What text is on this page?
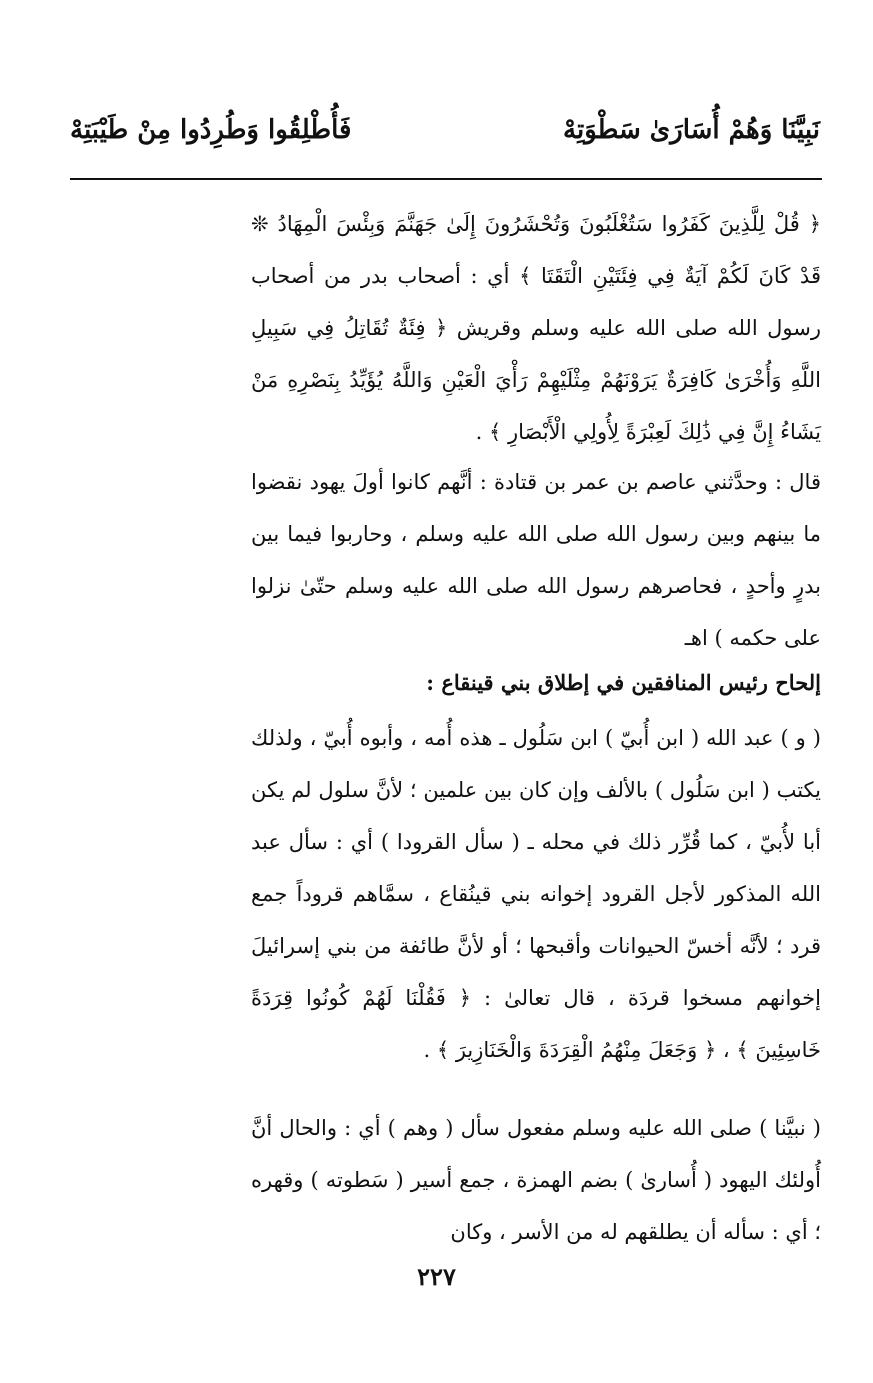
نَبِيَّنَا وَهُمْ أُسَارَىٰ سَطْوَتِهْ
فَأُطْلِقُوا وَطُرِدُوا مِنْ طَيْبَتِهْ
﴿ قُلْ لِلَّذِينَ كَفَرُوا سَتُغْلَبُونَ وَتُحْشَرُونَ إِلَىٰ جَهَنَّمَ وَبِئْسَ الْمِهَادُ ❊ قَدْ كَانَ لَكُمْ آيَةٌ فِي فِئَتَيْنِ الْتَقَتَا ﴾ أي : أصحاب بدر من أصحاب رسول الله صلى الله عليه وسلم وقريش ﴿ فِئَةٌ تُقَاتِلُ فِي سَبِيلِ اللَّهِ وَأُخْرَىٰ كَافِرَةٌ يَرَوْنَهُمْ مِثْلَيْهِمْ رَأْيَ الْعَيْنِ وَاللَّهُ يُؤَيِّدُ بِنَصْرِهِ مَنْ يَشَاءُ إِنَّ فِي ذَٰلِكَ لَعِبْرَةً لِأُولِي الْأَبْصَارِ ﴾ .
قال : وحدَّثني عاصم بن عمر بن قتادة : أنَّهم كانوا أولَ يهود نقضوا ما بينهم وبين رسول الله صلى الله عليه وسلم ، وحاربوا فيما بين بدرٍ وأحدٍ ، فحاصرهم رسول الله صلى الله عليه وسلم حتّىٰ نزلوا على حكمه ) اهـ
إلحاح رئيس المنافقين في إطلاق بني قينقاع :
( و ) عبد الله ( ابن أُبيّ ) ابن سَلُول ـ هذه أُمه ، وأبوه أُبيّ ، ولذلك يكتب ( ابن سَلُول ) بالألف وإن كان بين علمين ؛ لأنَّ سلول لم يكن أبا لأُبيّ ، كما قُرِّر ذلك في محله ـ ( سأل القرودا ) أي : سأل عبد الله المذكور لأجل القرود إخوانه بني قينُقاع ، سمَّاهم قروداً جمع قرد ؛ لأنَّه أخسّ الحيوانات وأقبحها ؛ أو لأنَّ طائفة من بني إسرائيلَ إخوانهم مسخوا قردَة ، قال تعالىٰ : ﴿ فَقُلْنَا لَهُمْ كُونُوا قِرَدَةً خَاسِئِينَ ﴾ ، ﴿ وَجَعَلَ مِنْهُمُ الْقِرَدَةَ وَالْخَنَازِيرَ ﴾ .
( نبيَّنا ) صلى الله عليه وسلم مفعول سأل ( وهم ) أي : والحال أنَّ أُولئك اليهود ( أُسارىٰ ) بضم الهمزة ، جمع أسير ( سَطوته ) وقهره ؛ أي : سأله أن يطلقهم له من الأسر ، وكان
٢٢٧
